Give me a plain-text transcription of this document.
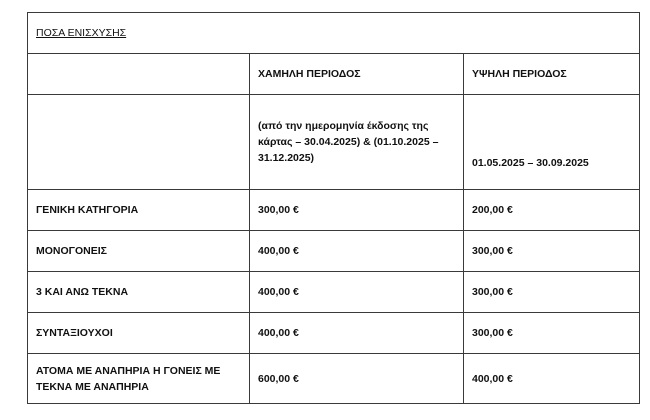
ΠΟΣΑ ΕΝΙΣΧΥΣΗΣ		
	ΧΑΜΗΛΗ ΠΕΡΙΟΔΟΣ	ΥΨΗΛΗ ΠΕΡΙΟΔΟΣ
	(από την ημερομηνία έκδοσης της κάρτας – 30.04.2025) & (01.10.2025 – 31.12.2025)	01.05.2025 – 30.09.2025
ΓΕΝΙΚΗ ΚΑΤΗΓΟΡΙΑ	300,00 €	200,00 €
ΜΟΝΟΓΟΝΕΙΣ	400,00 €	300,00 €
3 ΚΑΙ ΑΝΩ ΤΕΚΝΑ	400,00 €	300,00 €
ΣΥΝΤΑΞΙΟΥΧΟΙ	400,00 €	300,00 €
ΑΤΟΜΑ ΜΕ ΑΝΑΠΗΡΙΑ Η ΓΟΝΕΙΣ ΜΕ ΤΕΚΝΑ ΜΕ ΑΝΑΠΗΡΙΑ	600,00 €	400,00 €
